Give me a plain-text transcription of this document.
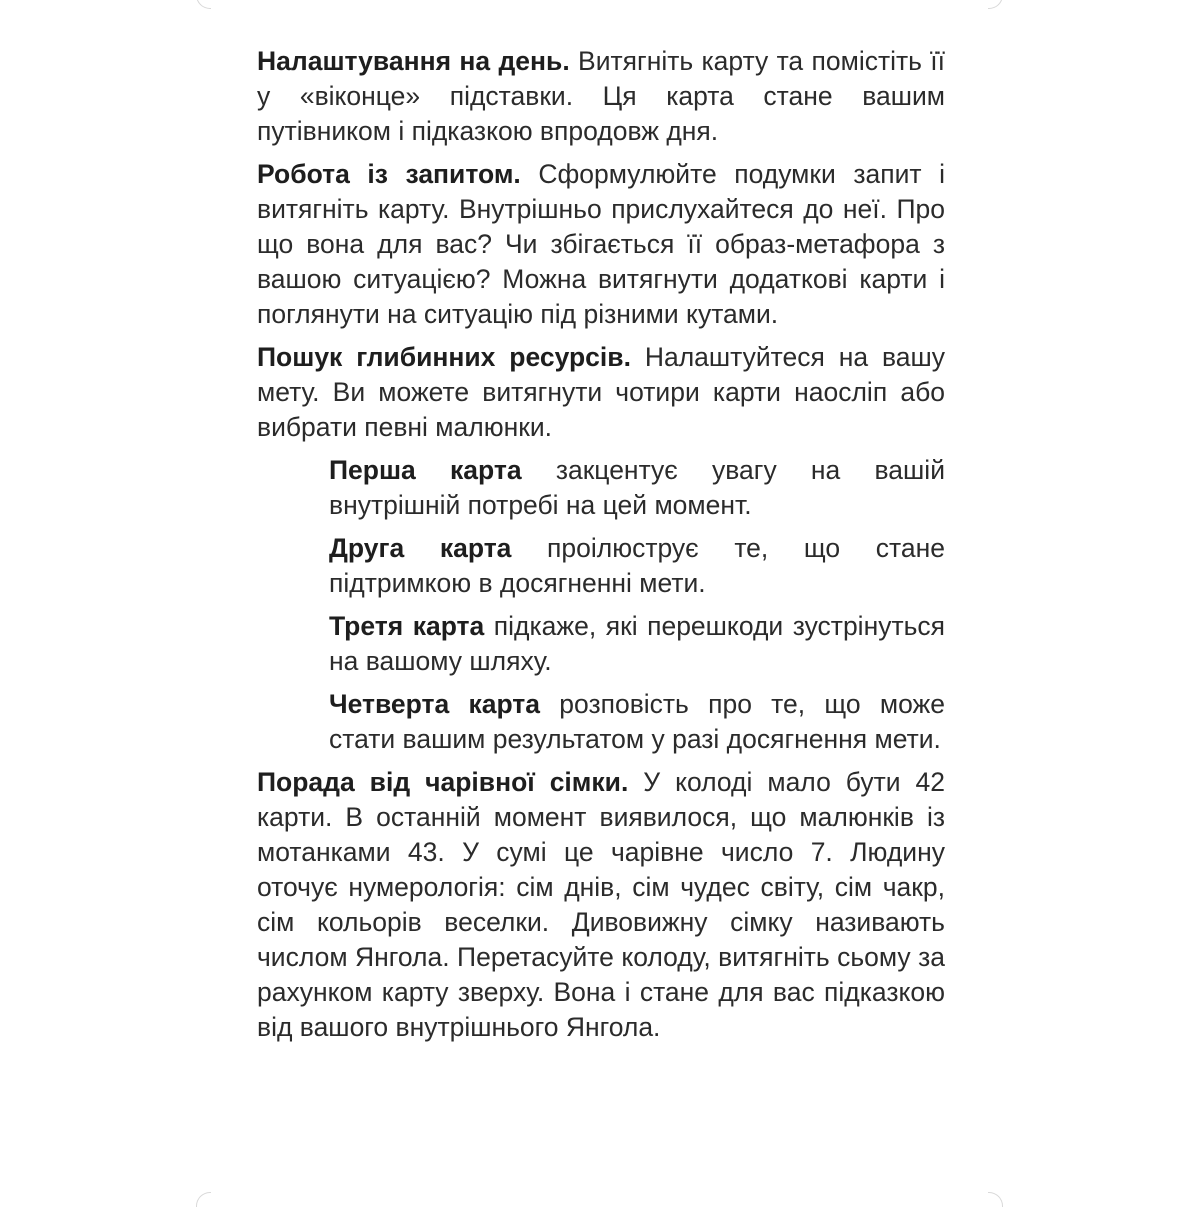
Налаштування на день. Витягніть карту та помістіть її у «віконце» підставки. Ця карта стане вашим путівником і підказкою впродовж дня.

Робота із запитом. Сформулюйте подумки запит і витягніть карту. Внутрішньо прислухайтеся до неї. Про що вона для вас? Чи збігається її образ-метафора з вашою ситуацією? Можна витягнути додаткові карти і поглянути на ситуацію під різними кутами.

Пошук глибинних ресурсів. Налаштуйтеся на вашу мету. Ви можете витягнути чотири карти наосліп або вибрати певні малюнки.

Перша карта закцентує увагу на вашій внутрішній потребі на цей момент.

Друга карта проілюструє те, що стане підтримкою в досягненні мети.

Третя карта підкаже, які перешкоди зустрінуться на вашому шляху.

Четверта карта розповість про те, що може стати вашим результатом у разі досягнення мети.

Порада від чарівної сімки. У колоді мало бути 42 карти. В останній момент виявилося, що малюнків із мотанками 43. У сумі це чарівне число 7. Людину оточує нумерологія: сім днів, сім чудес світу, сім чакр, сім кольорів веселки. Дивовижну сімку називають числом Янгола. Перетасуйте колоду, витягніть сьому за рахунком карту зверху. Вона і стане для вас підказкою від вашого внутрішнього Янгола.
